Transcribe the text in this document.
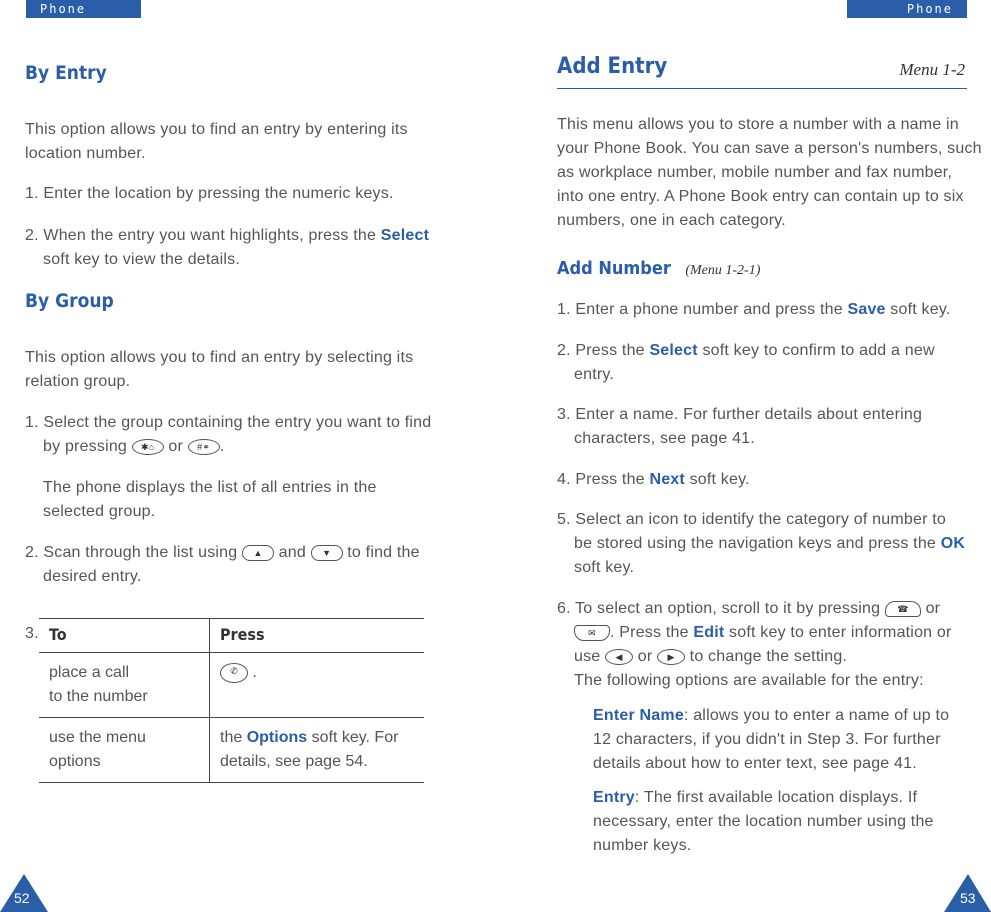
Phone Book
Phone Book
By Entry

This option allows you to find an entry by entering its

location number.

1. Enter the location by pressing the numeric keys.

2. When the entry you want highlights, press the Select

soft key to view the details.

By Group

This option allows you to find an entry by selecting its

relation group.

1. Select the group containing the entry you want to find

by pressing ✱⌂ or #⚭ .

The phone displays the list of all entries in the

selected group.

2. Scan through the list using ▲ and ▼ to find the

desired entry.

3. To	Press
place a call
to the number	✆ .
use the menu
options	the Options soft key. For
details, see page 54.
52
Add Entry	Menu 1-2

This menu allows you to store a number with a name in

your Phone Book. You can save a person's numbers, such

as workplace number, mobile number and fax number,

into one entry. A Phone Book entry can contain up to six

numbers, one in each category.

Add Number (Menu 1-2-1)

1. Enter a phone number and press the Save soft key.

2. Press the Select soft key to confirm to add a new

entry.

3. Enter a name. For further details about entering

characters, see page 41.

4. Press the Next soft key.

5. Select an icon to identify the category of number to

be stored using the navigation keys and press the OK

soft key.

6. To select an option, scroll to it by pressing ☎ or

✉ . Press the Edit soft key to enter information or

use ◀ or ▶ to change the setting.

The following options are available for the entry:

Enter Name: allows you to enter a name of up to

12 characters, if you didn't in Step 3. For further

details about how to enter text, see page 41.

Entry: The first available location displays. If

necessary, enter the location number using the

number keys.

53
